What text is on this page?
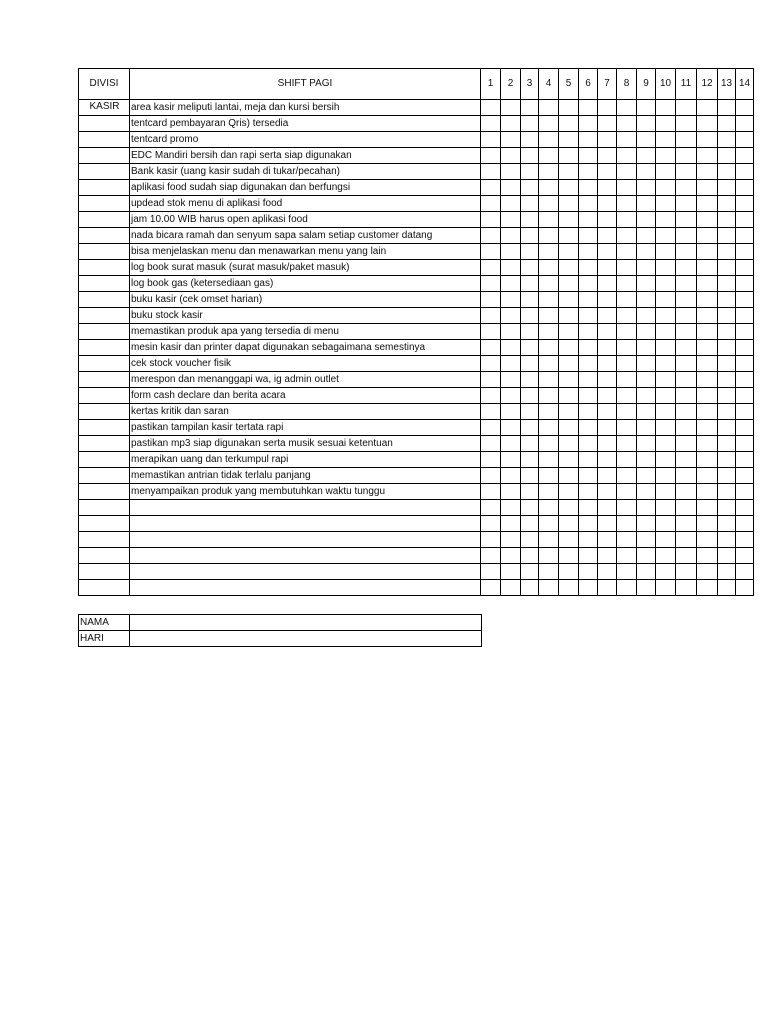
DIVISI	SHIFT PAGI	1	2	3	4	5	6	7	8	9	10	11	12	13	14
KASIR	area kasir meliputi lantai, meja dan kursi bersih														
	tentcard pembayaran Qris) tersedia														
	tentcard promo														
	EDC Mandiri bersih dan rapi serta siap digunakan														
	Bank kasir (uang kasir sudah di tukar/pecahan)														
	aplikasi food sudah siap digunakan dan berfungsi														
	updead stok menu di aplikasi food														
	jam 10.00 WIB harus open aplikasi food														
	nada bicara ramah dan senyum sapa salam setiap customer datang														
	bisa menjelaskan menu dan menawarkan menu yang lain														
	log book surat masuk (surat masuk/paket masuk)														
	log book gas (ketersediaan gas)														
	buku kasir (cek omset harian)														
	buku stock kasir														
	memastikan produk apa yang tersedia di menu														
	mesin kasir dan printer dapat digunakan sebagaimana semestinya														
	cek stock voucher fisik														
	merespon dan menanggapi wa, ig admin outlet														
	form cash declare dan berita acara														
	kertas kritik dan saran														
	pastikan tampilan kasir tertata rapi														
	pastikan mp3 siap digunakan serta musik sesuai ketentuan														
	merapikan uang dan terkumpul rapi														
	memastikan antrian tidak terlalu panjang														
	menyampaikan produk yang membutuhkan waktu tunggu														

NAMA	
HARI	
